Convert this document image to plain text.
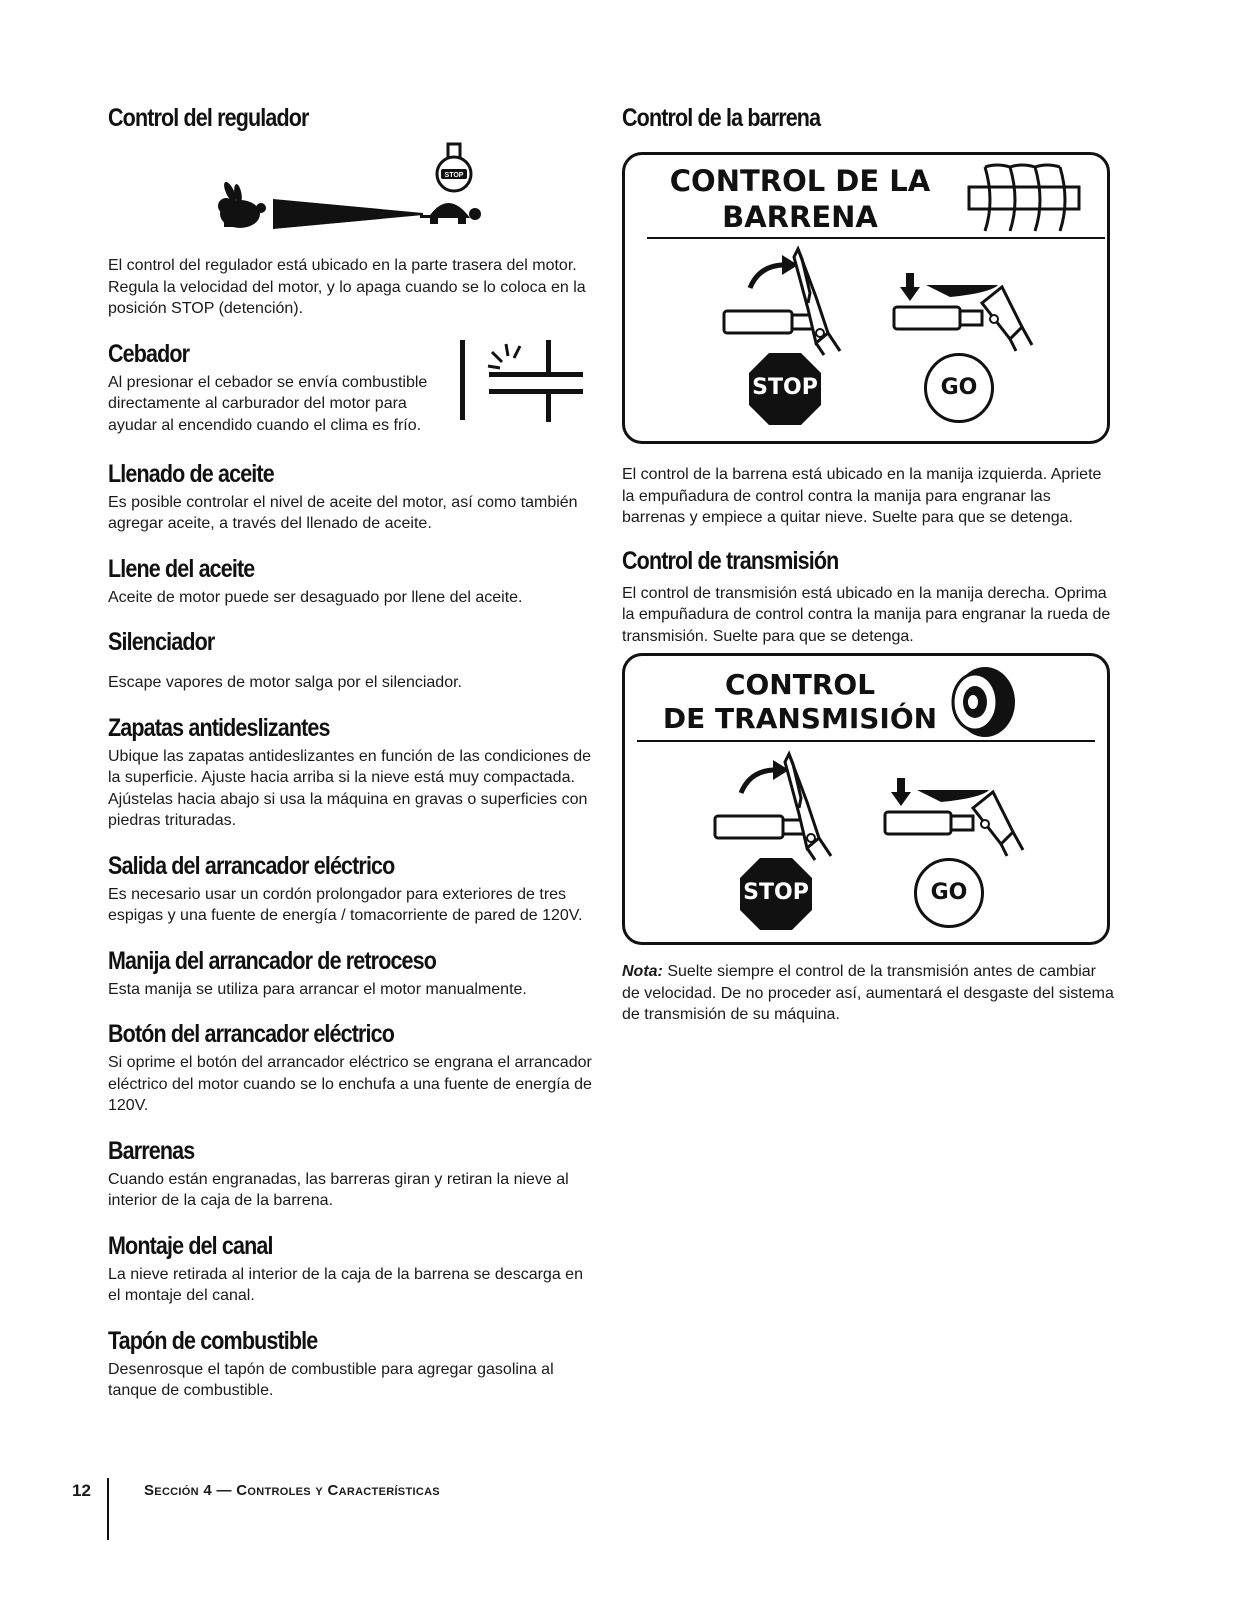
Control del regulador
STOP

El control del regulador está ubicado en la parte trasera del motor. Regula la velocidad del motor, y lo apaga cuando se lo coloca en la posición STOP (detención).

Cebador

Al presionar el cebador se envía combustible directamente al carburador del motor para ayudar al encendido cuando el clima es frío.

Llenado de aceite

Es posible controlar el nivel de aceite del motor, así como también agregar aceite, a través del llenado de aceite.

Llene del aceite

Aceite de motor puede ser desaguado por llene del aceite.

Silenciador

Escape vapores de motor salga por el silenciador.

Zapatas antideslizantes

Ubique las zapatas antideslizantes en función de las condiciones de la superficie. Ajuste hacia arriba si la nieve está muy compactada. Ajústelas hacia abajo si usa la máquina en gravas o superficies con piedras trituradas.

Salida del arrancador eléctrico

Es necesario usar un cordón prolongador para exteriores de tres espigas y una fuente de energía / tomacorriente de pared de 120V.

Manija del arrancador de retroceso

Esta manija se utiliza para arrancar el motor manualmente.

Botón del arrancador eléctrico

Si oprime el botón del arrancador eléctrico se engrana el arrancador eléctrico del motor cuando se lo enchufa a una fuente de energía de 120V.

Barrenas

Cuando están engranadas, las barreras giran y retiran la nieve al interior de la caja de la barrena.

Montaje del canal

La nieve retirada al interior de la caja de la barrena se descarga en el montaje del canal.

Tapón de combustible

Desenrosque el tapón de combustible para agregar gasolina al tanque de combustible.

Control de la barrena
CONTROL DE LA
BARRENA
STOP	GO

El control de la barrena está ubicado en la manija izquierda. Apriete la empuñadura de control contra la manija para engranar las barrenas y empiece a quitar nieve. Suelte para que se detenga.

Control de transmisión

El control de transmisión está ubicado en la manija derecha. Oprima la empuñadura de control contra la manija para engranar la rueda de transmisión. Suelte para que se detenga.

CONTROL
DE TRANSMISIÓN
STOP	GO

Nota: Suelte siempre el control de la transmisión antes de cambiar de velocidad. De no proceder así, aumentará el desgaste del sistema de transmisión de su máquina.

12	Sección 4 — Controles y Características
